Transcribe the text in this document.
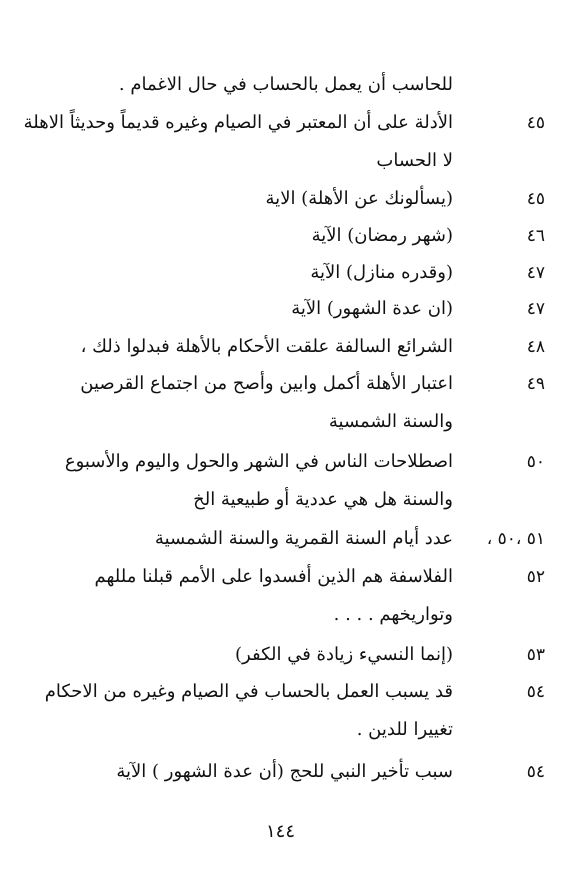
للحاسب أن يعمل بالحساب في حال الاغمام .
٤٥
الأدلة على أن المعتبر في الصيام وغيره قديماً وحديثاً الاهلة
لا الحساب
٤٥
(يسألونك عن الأهلة) الاية
٤٦
(شهر رمضان) الآية
٤٧
(وقدره منازل) الآية
٤٧
(ان عدة الشهور) الآية
٤٨
الشرائع السالفة علقت الأحكام بالأهلة فبدلوا ذلك ،
٤٩
اعتبار الأهلة أكمل وابين وأصح من اجتماع القرصين
والسنة الشمسية
٥٠
اصطلاحات الناس في الشهر والحول واليوم والأسبوع
والسنة هل هي عددية أو طبيعية الخ
٥١ ،٥٠ ،
عدد أيام السنة القمرية والسنة الشمسية
٥٢
الفلاسفة هم الذين أفسدوا على الأمم قبلنا مللهم
وتواريخهم . . . .
٥٣
(إنما النسيء زيادة في الكفر)
٥٤
قد يسبب العمل بالحساب في الصيام وغيره من الاحكام
تغييرا للدين .
٥٤
سبب تأخير النبي للحج (أن عدة الشهور ) الآية
١٤٤
